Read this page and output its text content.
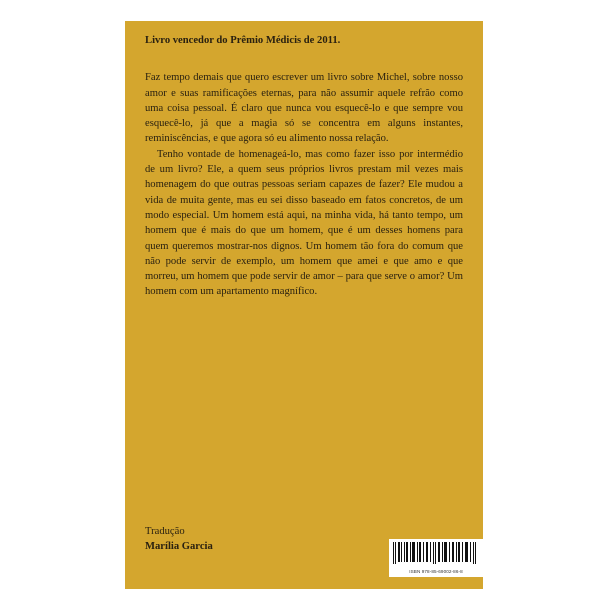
Livro vencedor do Prêmio Médicis de 2011.

Faz tempo demais que quero escrever um livro sobre Michel, sobre nosso amor e suas ramificações eternas, para não assumir aquele refrão como uma coisa pessoal. É claro que nunca vou esquecê-lo e que sempre vou esquecê-lo, já que a magia só se concentra em alguns instantes, reminiscências, e que agora só eu alimento nossa relação.

Tenho vontade de homenageá-lo, mas como fazer isso por intermédio de um livro? Ele, a quem seus próprios livros prestam mil vezes mais homenagem do que outras pessoas seriam capazes de fazer? Ele mudou a vida de muita gente, mas eu sei disso baseado em fatos concretos, de um modo especial. Um homem está aqui, na minha vida, há tanto tempo, um homem que é mais do que um homem, que é um desses homens para quem queremos mostrar-nos dignos. Um homem tão fora do comum que não pode servir de exemplo, um homem que amei e que amo e que morreu, um homem que pode servir de amor – para que serve o amor? Um homem com um apartamento magnífico.

Tradução
Marília Garcia
ISBN 978-85-69002-86-8
